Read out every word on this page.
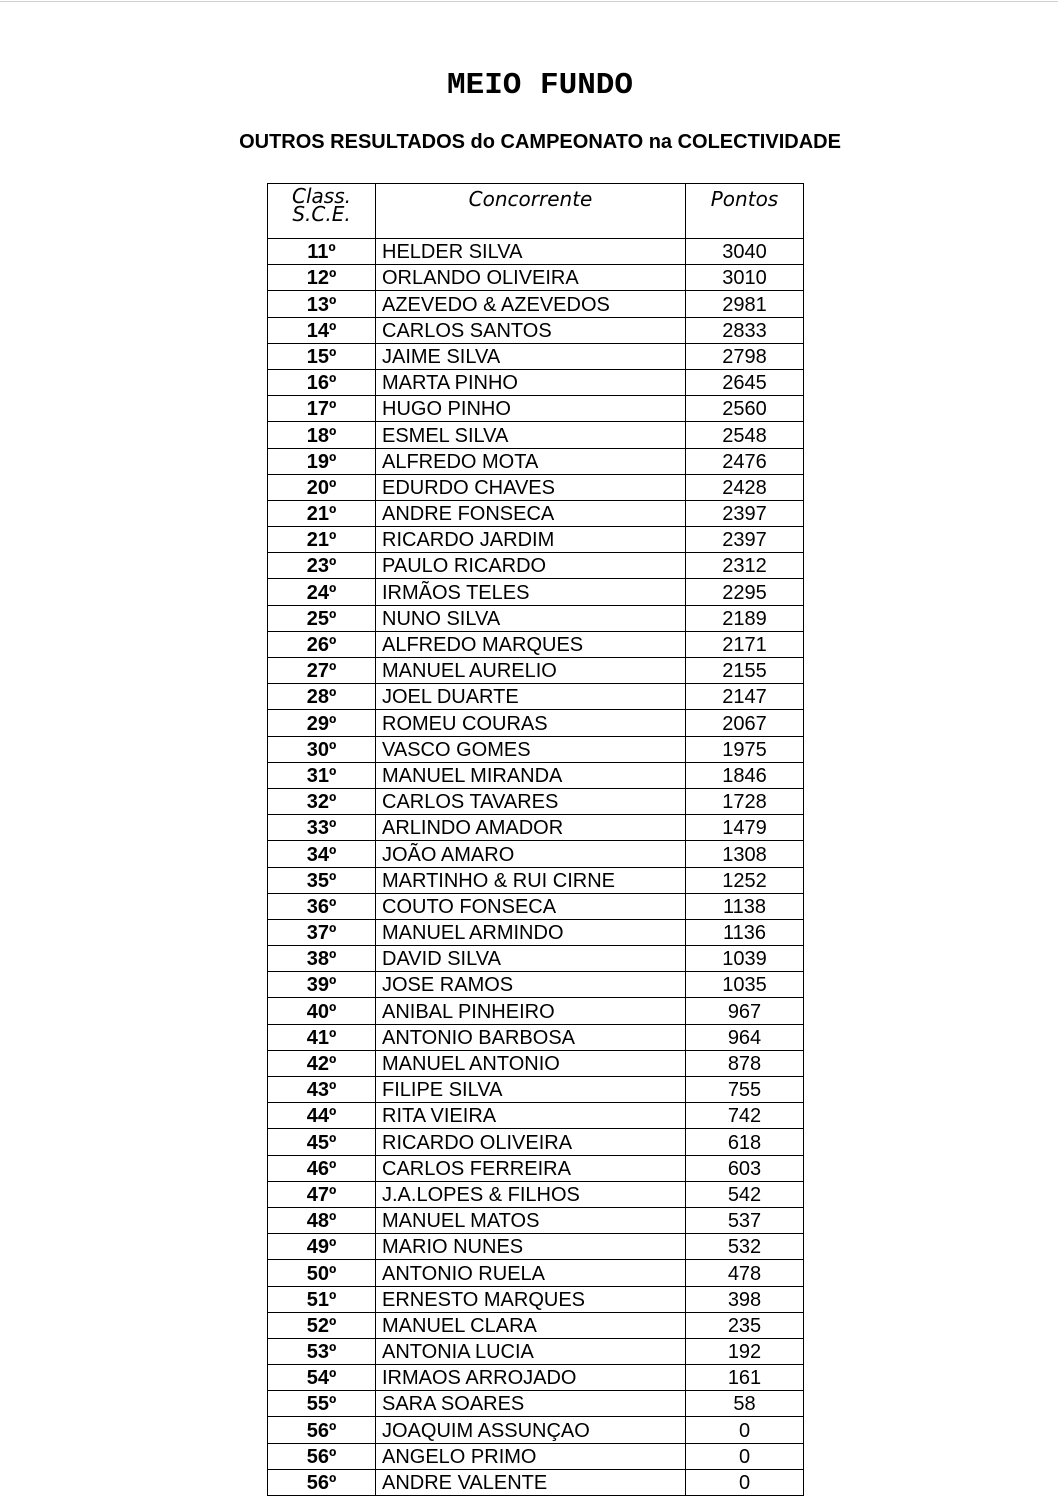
MEIO FUNDO
OUTROS RESULTADOS do CAMPEONATO na COLECTIVIDADE
Class.
S.C.E.	Concorrente	Pontos
11º	HELDER SILVA	3040
12º	ORLANDO OLIVEIRA	3010
13º	AZEVEDO & AZEVEDOS	2981
14º	CARLOS SANTOS	2833
15º	JAIME SILVA	2798
16º	MARTA PINHO	2645
17º	HUGO PINHO	2560
18º	ESMEL SILVA	2548
19º	ALFREDO MOTA	2476
20º	EDURDO CHAVES	2428
21º	ANDRE FONSECA	2397
21º	RICARDO JARDIM	2397
23º	PAULO RICARDO	2312
24º	IRMÃOS TELES	2295
25º	NUNO SILVA	2189
26º	ALFREDO MARQUES	2171
27º	MANUEL AURELIO	2155
28º	JOEL DUARTE	2147
29º	ROMEU COURAS	2067
30º	VASCO GOMES	1975
31º	MANUEL MIRANDA	1846
32º	CARLOS TAVARES	1728
33º	ARLINDO AMADOR	1479
34º	JOÃO AMARO	1308
35º	MARTINHO & RUI CIRNE	1252
36º	COUTO FONSECA	1138
37º	MANUEL ARMINDO	1136
38º	DAVID SILVA	1039
39º	JOSE RAMOS	1035
40º	ANIBAL PINHEIRO	967
41º	ANTONIO BARBOSA	964
42º	MANUEL ANTONIO	878
43º	FILIPE SILVA	755
44º	RITA VIEIRA	742
45º	RICARDO OLIVEIRA	618
46º	CARLOS FERREIRA	603
47º	J.A.LOPES & FILHOS	542
48º	MANUEL MATOS	537
49º	MARIO NUNES	532
50º	ANTONIO RUELA	478
51º	ERNESTO MARQUES	398
52º	MANUEL CLARA	235
53º	ANTONIA LUCIA	192
54º	IRMAOS ARROJADO	161
55º	SARA SOARES	58
56º	JOAQUIM ASSUNÇAO	0
56º	ANGELO PRIMO	0
56º	ANDRE VALENTE	0
